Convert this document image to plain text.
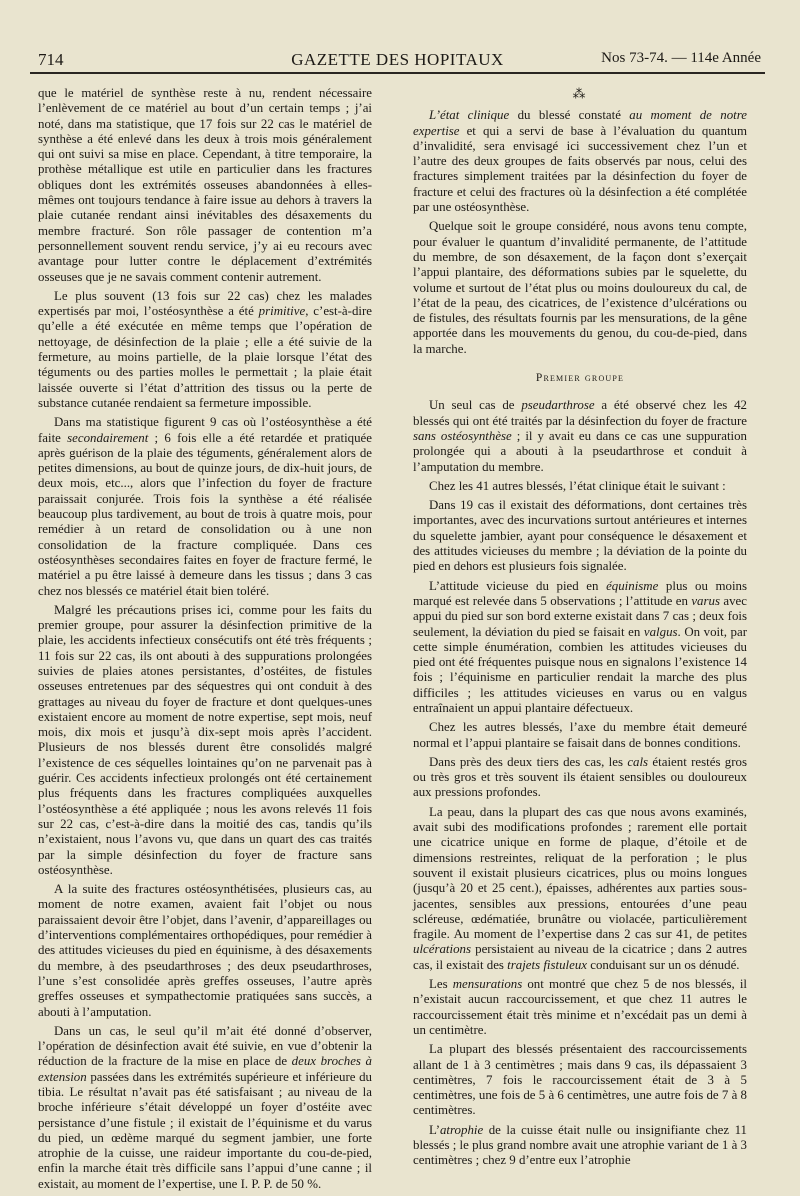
714	GAZETTE DES HOPITAUX	Nos 73-74. — 114e Année

que le matériel de synthèse reste à nu, rendent nécessaire l’enlèvement de ce matériel au bout d’un certain temps ; j’ai noté, dans ma statistique, que 17 fois sur 22 cas le matériel de synthèse a été enlevé dans les deux à trois mois généralement qui ont suivi sa mise en place. Cependant, à titre temporaire, la prothèse métallique est utile en particulier dans les fractures obliques dont les extrémités osseuses abandonnées à elles-mêmes ont toujours tendance à faire issue au dehors à travers la plaie cutanée rendant ainsi inévitables des désaxements du membre fracturé. Son rôle passager de contention m’a personnellement souvent rendu service, j’y ai eu recours avec avantage pour lutter contre le déplacement d’extrémités osseuses que je ne savais comment contenir autrement.

Le plus souvent (13 fois sur 22 cas) chez les malades expertisés par moi, l’ostéosynthèse a été primitive, c’est-à-dire qu’elle a été exécutée en même temps que l’opération de nettoyage, de désinfection de la plaie ; elle a été suivie de la fermeture, au moins partielle, de la plaie lorsque l’état des téguments ou des parties molles le permettait ; la plaie était laissée ouverte si l’état d’attrition des tissus ou la perte de substance cutanée rendaient sa fermeture impossible.

Dans ma statistique figurent 9 cas où l’ostéosynthèse a été faite secondairement ; 6 fois elle a été retardée et pratiquée après guérison de la plaie des téguments, généralement alors de petites dimensions, au bout de quinze jours, de dix-huit jours, de deux mois, etc..., alors que l’infection du foyer de fracture paraissait conjurée. Trois fois la synthèse a été réalisée beaucoup plus tardivement, au bout de trois à quatre mois, pour remédier à un retard de consolidation ou à une non consolidation de la fracture compliquée. Dans ces ostéosynthèses secondaires faites en foyer de fracture fermé, le matériel a pu être laissé à demeure dans les tissus ; dans 3 cas chez nos blessés ce matériel était bien toléré.

Malgré les précautions prises ici, comme pour les faits du premier groupe, pour assurer la désinfection primitive de la plaie, les accidents infectieux consécutifs ont été très fréquents ; 11 fois sur 22 cas, ils ont abouti à des suppurations prolongées suivies de plaies atones persistantes, d’ostéites, de fistules osseuses entretenues par des séquestres qui ont conduit à des grattages au niveau du foyer de fracture et dont quelques-unes existaient encore au moment de notre expertise, sept mois, neuf mois, dix mois et jusqu’à dix-sept mois après l’accident. Plusieurs de nos blessés durent être consolidés malgré l’existence de ces séquelles lointaines qu’on ne parvenait pas à guérir. Ces accidents infectieux prolongés ont été certainement plus fréquents dans les fractures compliquées auxquelles l’ostéosynthèse a été appliquée ; nous les avons relevés 11 fois sur 22 cas, c’est-à-dire dans la moitié des cas, tandis qu’ils n’existaient, nous l’avons vu, que dans un quart des cas traités par la simple désinfection du foyer de fracture sans ostéosynthèse.

A la suite des fractures ostéosynthétisées, plusieurs cas, au moment de notre examen, avaient fait l’objet ou nous paraissaient devoir être l’objet, dans l’avenir, d’appareillages ou d’interventions complémentaires orthopédiques, pour remédier à des attitudes vicieuses du pied en équinisme, à des désaxements du membre, à des pseudarthroses ; des deux pseudarthroses, l’une s’est consolidée après greffes osseuses, l’autre après greffes osseuses et sympathectomie pratiquées sans succès, a abouti à l’amputation.

Dans un cas, le seul qu’il m’ait été donné d’observer, l’opération de désinfection avait été suivie, en vue d’obtenir la réduction de la fracture de la mise en place de deux broches à extension passées dans les extrémités supérieure et inférieure du tibia. Le résultat n’avait pas été satisfaisant ; au niveau de la broche inférieure s’était développé un foyer d’ostéite avec persistance d’une fistule ; il existait de l’équinisme et du varus du pied, un œdème marqué du segment jambier, une forte atrophie de la cuisse, une raideur importante du cou-de-pied, enfin la marche était très difficile sans l’appui d’une canne ; il existait, au moment de l’expertise, une I. P. P. de 50 %.

⁂

L’état clinique du blessé constaté au moment de notre expertise et qui a servi de base à l’évaluation du quantum d’invalidité, sera envisagé ici successivement chez l’un et l’autre des deux groupes de faits observés par nous, celui des fractures simplement traitées par la désinfection du foyer de fracture et celui des fractures où la désinfection a été complétée par une ostéosynthèse.

Quelque soit le groupe considéré, nous avons tenu compte, pour évaluer le quantum d’invalidité permanente, de l’attitude du membre, de son désaxement, de la façon dont s’exerçait l’appui plantaire, des déformations subies par le squelette, du volume et surtout de l’état plus ou moins douloureux du cal, de l’état de la peau, des cicatrices, de l’existence d’ulcérations ou de fistules, des résultats fournis par les mensurations, de la gêne apportée dans les mouvements du genou, du cou-de-pied, dans la marche.

Premier groupe

Un seul cas de pseudarthrose a été observé chez les 42 blessés qui ont été traités par la désinfection du foyer de fracture sans ostéosynthèse ; il y avait eu dans ce cas une suppuration prolongée qui a abouti à la pseudarthrose et conduit à l’amputation du membre.

Chez les 41 autres blessés, l’état clinique était le suivant :

Dans 19 cas il existait des déformations, dont certaines très importantes, avec des incurvations surtout antérieures et internes du squelette jambier, ayant pour conséquence le désaxement et des attitudes vicieuses du membre ; la déviation de la pointe du pied en dehors est plusieurs fois signalée.

L’attitude vicieuse du pied en équinisme plus ou moins marqué est relevée dans 5 observations ; l’attitude en varus avec appui du pied sur son bord externe existait dans 7 cas ; deux fois seulement, la déviation du pied se faisait en valgus. On voit, par cette simple énumération, combien les attitudes vicieuses du pied ont été fréquentes puisque nous en signalons l’existence 14 fois ; l’équinisme en particulier rendait la marche des plus difficiles ; les attitudes vicieuses en varus ou en valgus entraînaient un appui plantaire défectueux.

Chez les autres blessés, l’axe du membre était demeuré normal et l’appui plantaire se faisait dans de bonnes conditions.

Dans près des deux tiers des cas, les cals étaient restés gros ou très gros et très souvent ils étaient sensibles ou douloureux aux pressions profondes.

La peau, dans la plupart des cas que nous avons examinés, avait subi des modifications profondes ; rarement elle portait une cicatrice unique en forme de plaque, d’étoile et de dimensions restreintes, reliquat de la perforation ; le plus souvent il existait plusieurs cicatrices, plus ou moins longues (jusqu’à 20 et 25 cent.), épaisses, adhérentes aux parties sous-jacentes, sensibles aux pressions, entourées d’une peau scléreuse, œdématiée, brunâtre ou violacée, particulièrement fragile. Au moment de l’expertise dans 2 cas sur 41, de petites ulcérations persistaient au niveau de la cicatrice ; dans 2 autres cas, il existait des trajets fistuleux conduisant sur un os dénudé.

Les mensurations ont montré que chez 5 de nos blessés, il n’existait aucun raccourcissement, et que chez 11 autres le raccourcissement était très minime et n’excédait pas un demi à un centimètre.

La plupart des blessés présentaient des raccourcissements allant de 1 à 3 centimètres ; mais dans 9 cas, ils dépassaient 3 centimètres, 7 fois le raccourcissement était de 3 à 5 centimètres, une fois de 5 à 6 centimètres, une autre fois de 7 à 8 centimètres.

L’atrophie de la cuisse était nulle ou insignifiante chez 11 blessés ; le plus grand nombre avait une atrophie variant de 1 à 3 centimètres ; chez 9 d’entre eux l’atrophie
